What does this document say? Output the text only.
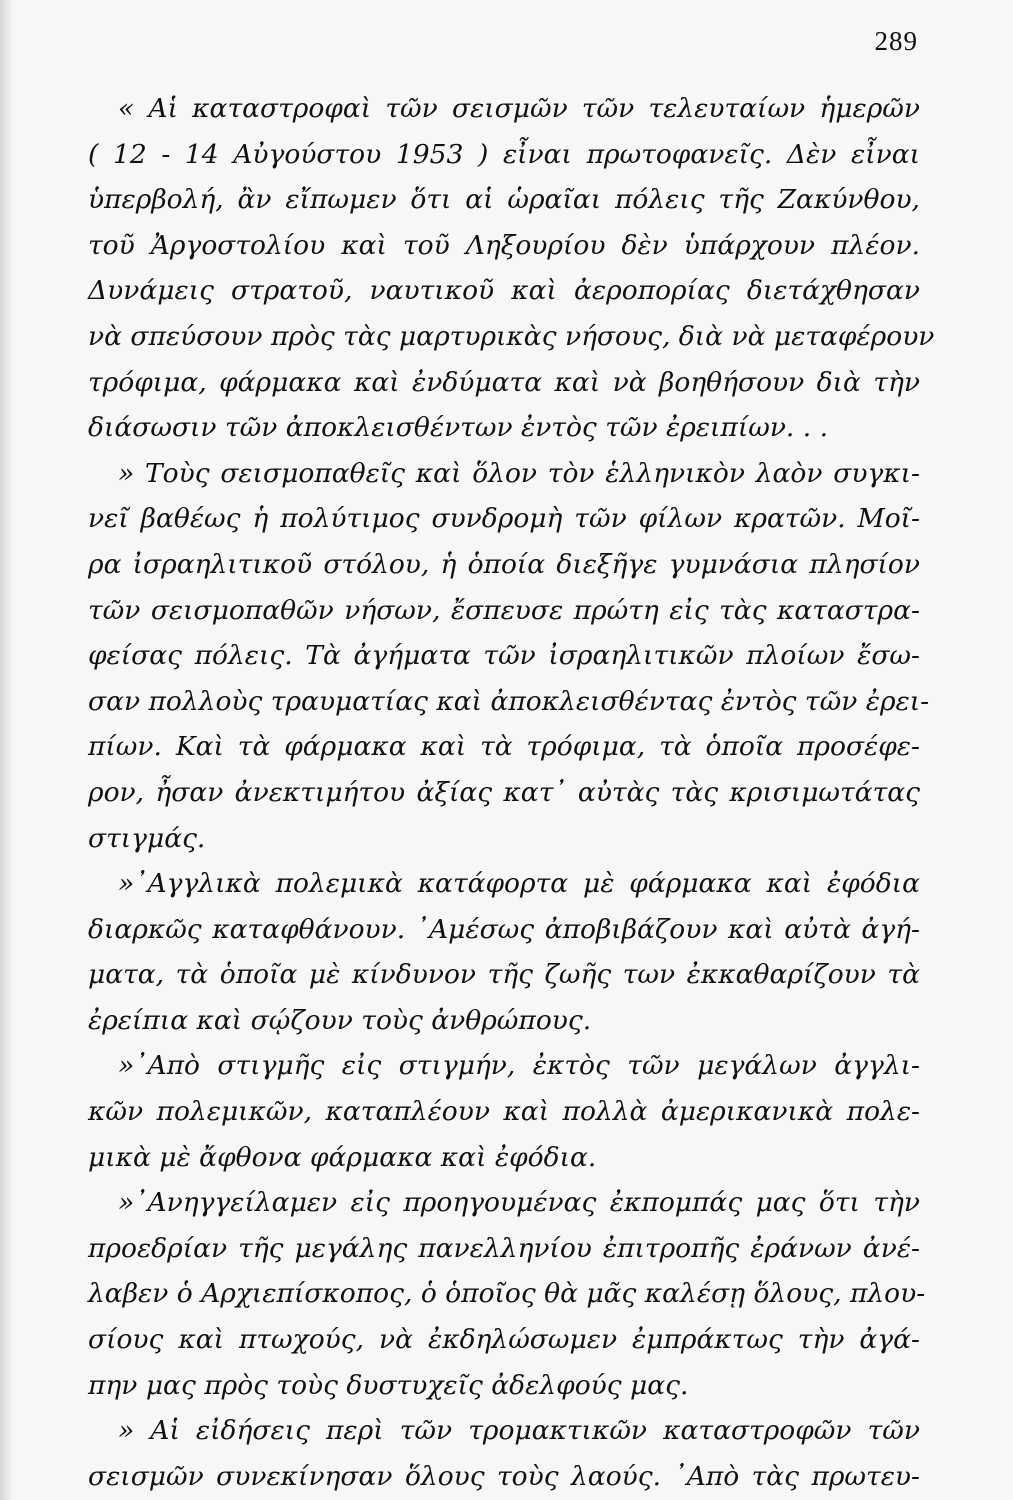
289
« Αἱ καταστροφαὶ τῶν σεισμῶν τῶν τελευταίων ἡμερῶν
( 12 - 14 Αὐγούστου 1953 ) εἶναι πρωτοφανεῖς. Δὲν εἶναι
ὑπερβολή, ἂν εἴπωμεν ὅτι αἱ ὡραῖαι πόλεις τῆς Ζακύνθου,
τοῦ Ἀργοστολίου καὶ τοῦ Ληξουρίου δὲν ὑπάρχουν πλέον.
Δυνάμεις στρατοῦ, ναυτικοῦ καὶ ἀεροπορίας διετάχθησαν
νὰ σπεύσουν πρὸς τὰς μαρτυρικὰς νήσους, διὰ νὰ μεταφέρουν
τρόφιμα, φάρμακα καὶ ἐνδύματα καὶ νὰ βοηθήσουν διὰ τὴν
διάσωσιν τῶν ἀποκλεισθέντων ἐντὸς τῶν ἐρειπίων. . .
» Τοὺς σεισμοπαθεῖς καὶ ὅλον τὸν ἑλληνικὸν λαὸν συγκι-
νεῖ βαθέως ἡ πολύτιμος συνδρομὴ τῶν φίλων κρατῶν. Μοῖ-
ρα ἰσραηλιτικοῦ στόλου, ἡ ὁποία διεξῆγε γυμνάσια πλησίον
τῶν σεισμοπαθῶν νήσων, ἔσπευσε πρώτη εἰς τὰς καταστρα-
φείσας πόλεις. Τὰ ἀγήματα τῶν ἰσραηλιτικῶν πλοίων ἔσω-
σαν πολλοὺς τραυματίας καὶ ἀποκλεισθέντας ἐντὸς τῶν ἐρει-
πίων. Καὶ τὰ φάρμακα καὶ τὰ τρόφιμα, τὰ ὁποῖα προσέφε-
ρον, ἦσαν ἀνεκτιμήτου ἀξίας κατ᾽ αὐτὰς τὰς κρισιμωτάτας
στιγμάς.
»᾽Αγγλικὰ πολεμικὰ κατάφορτα μὲ φάρμακα καὶ ἐφόδια
διαρκῶς καταφθάνουν. ᾽Αμέσως ἀποβιβάζουν καὶ αὐτὰ ἀγή-
ματα, τὰ ὁποῖα μὲ κίνδυνον τῆς ζωῆς των ἐκκαθαρίζουν τὰ
ἐρείπια καὶ σῴζουν τοὺς ἀνθρώπους.
»᾽Απὸ στιγμῆς εἰς στιγμήν, ἐκτὸς τῶν μεγάλων ἀγγλι-
κῶν πολεμικῶν, καταπλέουν καὶ πολλὰ ἀμερικανικὰ πολε-
μικὰ μὲ ἄφθονα φάρμακα καὶ ἐφόδια.
»᾽Ανηγγείλαμεν εἰς προηγουμένας ἐκπομπάς μας ὅτι τὴν
προεδρίαν τῆς μεγάλης πανελληνίου ἐπιτροπῆς ἐράνων ἀνέ-
λαβεν ὁ Αρχιεπίσκοπος, ὁ ὁποῖος θὰ μᾶς καλέσῃ ὅλους, πλου-
σίους καὶ πτωχούς, νὰ ἐκδηλώσωμεν ἐμπράκτως τὴν ἀγά-
πην μας πρὸς τοὺς δυστυχεῖς ἀδελφούς μας.
» Αἱ εἰδήσεις περὶ τῶν τρομακτικῶν καταστροφῶν τῶν
σεισμῶν συνεκίνησαν ὅλους τοὺς λαούς. ᾽Απὸ τὰς πρωτευ-
